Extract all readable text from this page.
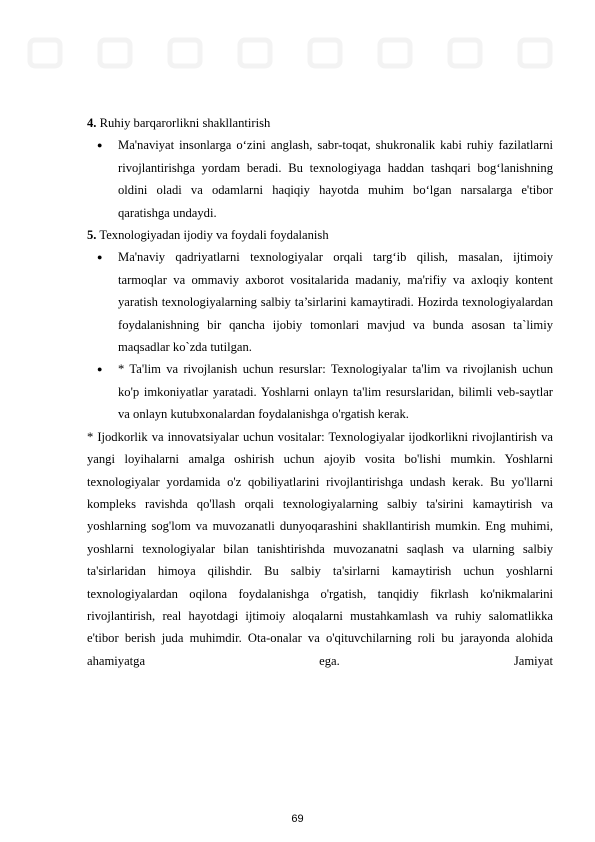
4. Ruhiy barqarorlikni shakllantirish

● Ma'naviyat insonlarga o‘zini anglash, sabr-toqat, shukronalik kabi ruhiy fazilatlarni rivojlantirishga yordam beradi. Bu texnologiyaga haddan tashqari bog‘lanishning oldini oladi va odamlarni haqiqiy hayotda muhim bo‘lgan narsalarga e'tibor qaratishga undaydi.

5. Texnologiyadan ijodiy va foydali foydalanish

● Ma'naviy qadriyatlarni texnologiyalar orqali targ‘ib qilish, masalan, ijtimoiy tarmoqlar va ommaviy axborot vositalarida madaniy, ma'rifiy va axloqiy kontent yaratish texnologiyalarning salbiy ta’sirlarini kamaytiradi. Hozirda texnologiyalardan foydalanishning bir qancha ijobiy tomonlari mavjud va bunda asosan ta`limiy maqsadlar ko`zda tutilgan.

● * Ta'lim va rivojlanish uchun resurslar: Texnologiyalar ta'lim va rivojlanish uchun ko'p imkoniyatlar yaratadi. Yoshlarni onlayn ta'lim resurslaridan, bilimli veb-saytlar va onlayn kutubxonalardan foydalanishga o'rgatish kerak.

* Ijodkorlik va innovatsiyalar uchun vositalar: Texnologiyalar ijodkorlikni rivojlantirish va yangi loyihalarni amalga oshirish uchun ajoyib vosita bo'lishi mumkin. Yoshlarni texnologiyalar yordamida o'z qobiliyatlarini rivojlantirishga undash kerak. Bu yo'llarni kompleks ravishda qo'llash orqali texnologiyalarning salbiy ta'sirini kamaytirish va yoshlarning sog'lom va muvozanatli dunyoqarashini shakllantirish mumkin. Eng muhimi, yoshlarni texnologiyalar bilan tanishtirishda muvozanatni saqlash va ularning salbiy ta'sirlaridan himoya qilishdir. Bu salbiy ta'sirlarni kamaytirish uchun yoshlarni texnologiyalardan oqilona foydalanishga o'rgatish, tanqidiy fikrlash ko'nikmalarini rivojlantirish, real hayotdagi ijtimoiy aloqalarni mustahkamlash va ruhiy salomatlikka e'tibor berish juda muhimdir. Ota-onalar va o'qituvchilarning roli bu jarayonda alohida ahamiyatga ega. Jamiyat

69
